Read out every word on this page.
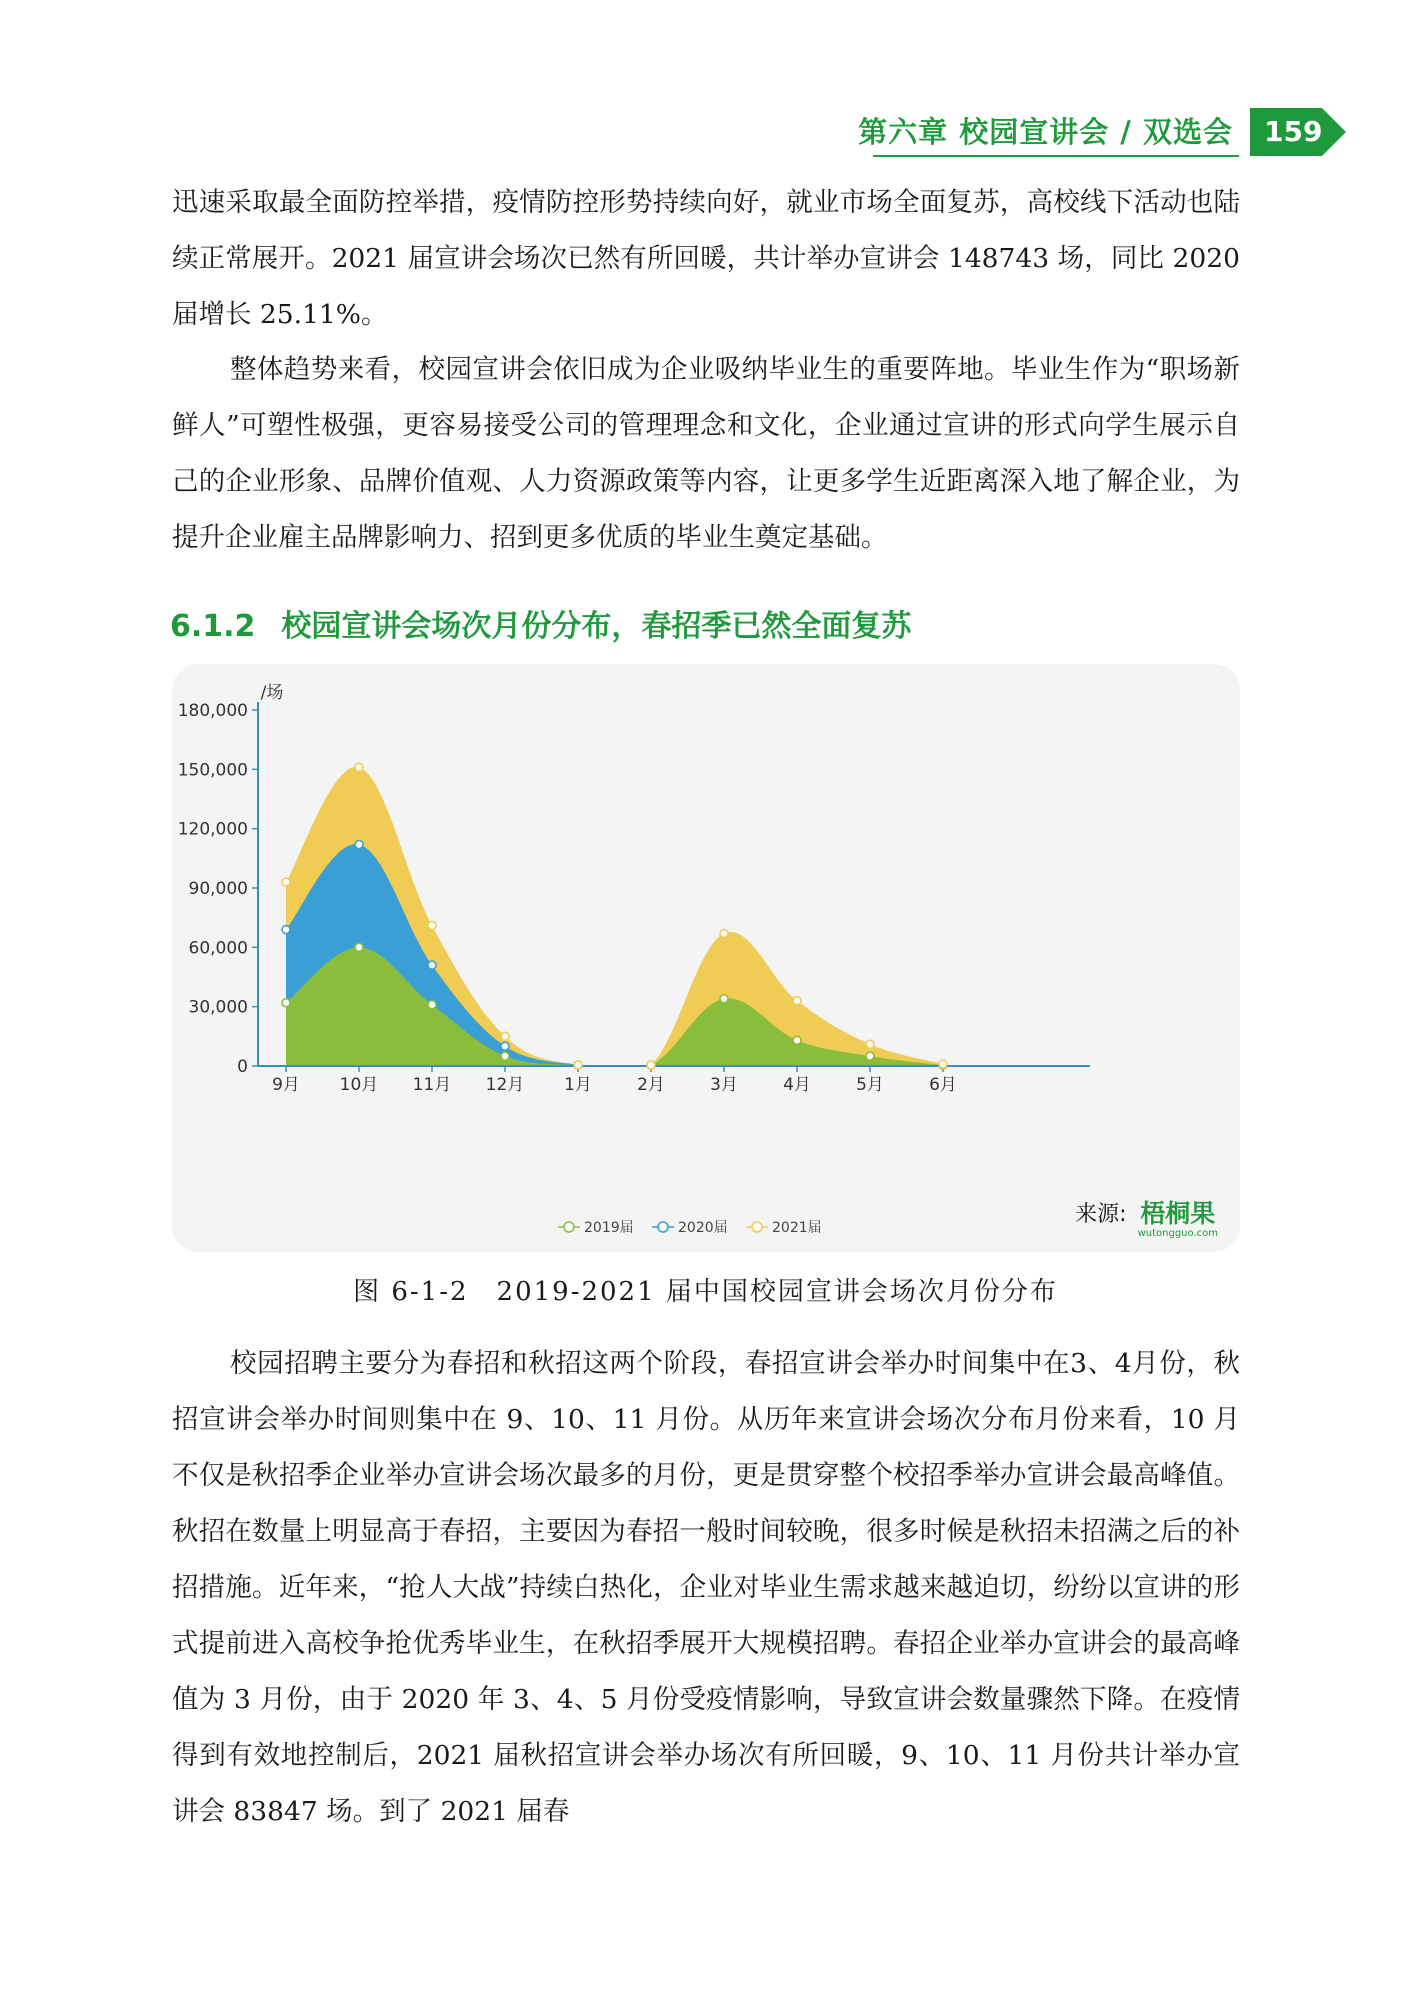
第六章 校园宣讲会 / 双选会 159

迅速采取最全面防控举措，疫情防控形势持续向好，就业市场全面复苏，高校线下活动也陆续正常展开。2021 届宣讲会场次已然有所回暖，共计举办宣讲会 148743 场，同比 2020 届增长 25.11%。

整体趋势来看，校园宣讲会依旧成为企业吸纳毕业生的重要阵地。毕业生作为“职场新鲜人”可塑性极强，更容易接受公司的管理理念和文化，企业通过宣讲的形式向学生展示自己的企业形象、品牌价值观、人力资源政策等内容，让更多学生近距离深入地了解企业，为提升企业雇主品牌影响力、招到更多优质的毕业生奠定基础。

6.1.2 校园宣讲会场次月份分布，春招季已然全面复苏
0
30,000
60,000
90,000
120,000
150,000
180,000
/场
9月 10月 11月 12月 1月	2月	3月	4月	5月	6月
2019届	2020届	2021届
来源: 梧桐果
wutongguo.com

图 6-1-2　2019-2021 届中国校园宣讲会场次月份分布

校园招聘主要分为春招和秋招这两个阶段，春招宣讲会举办时间集中在3、4月份，秋招宣讲会举办时间则集中在 9、10、11 月份。从历年来宣讲会场次分布月份来看，10 月不仅是秋招季企业举办宣讲会场次最多的月份，更是贯穿整个校招季举办宣讲会最高峰值。秋招在数量上明显高于春招，主要因为春招一般时间较晚，很多时候是秋招未招满之后的补招措施。近年来，“抢人大战”持续白热化，企业对毕业生需求越来越迫切，纷纷以宣讲的形式提前进入高校争抢优秀毕业生，在秋招季展开大规模招聘。春招企业举办宣讲会的最高峰值为 3 月份，由于 2020 年 3、4、5 月份受疫情影响，导致宣讲会数量骤然下降。在疫情得到有效地控制后，2021 届秋招宣讲会举办场次有所回暖，9、10、11 月份共计举办宣讲会 83847 场。到了 2021 届春
